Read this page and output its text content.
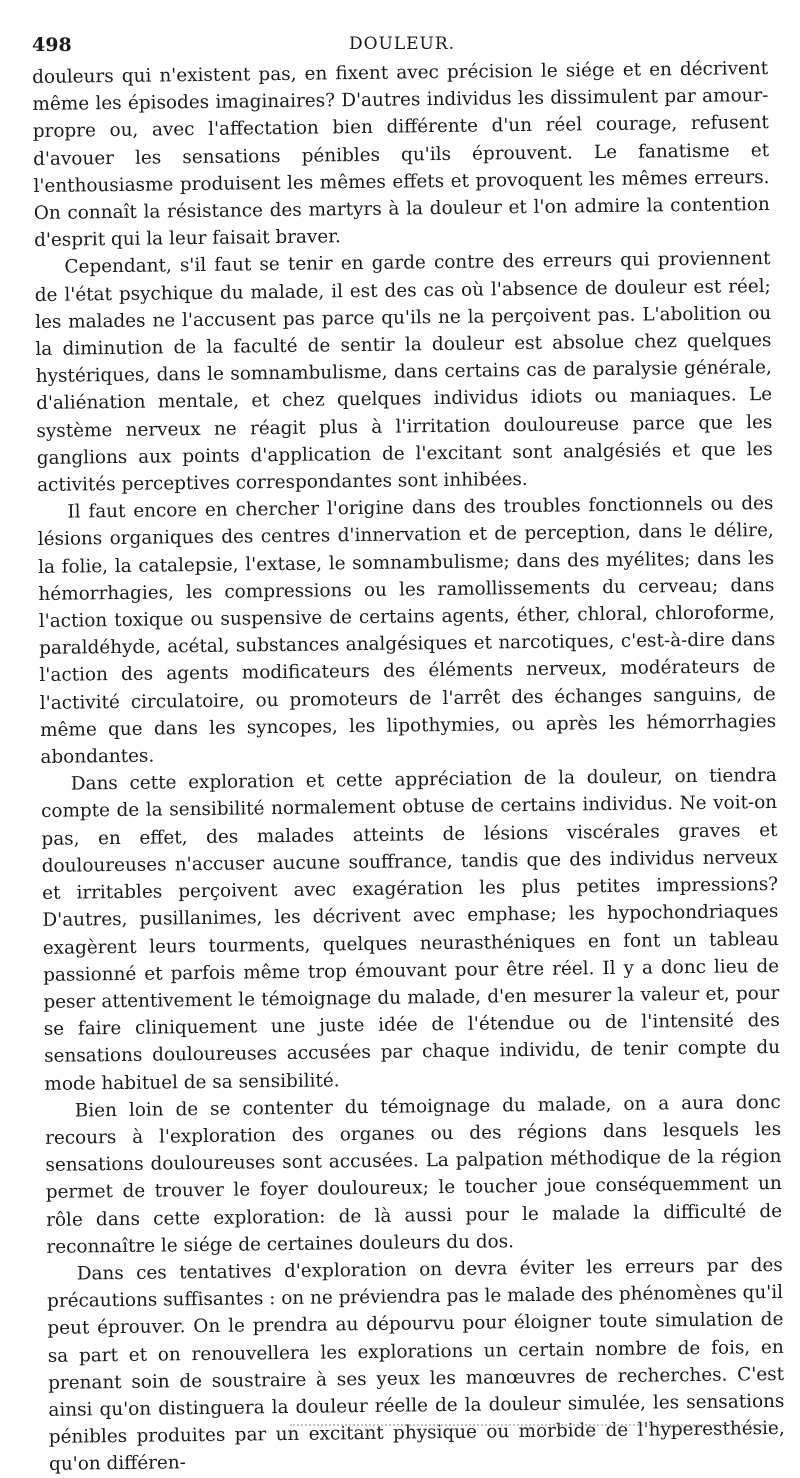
498	DOULEUR.

douleurs qui n'existent pas, en fixent avec précision le siége et en décrivent même les épisodes imaginaires? D'autres individus les dissimulent par amour-propre ou, avec l'affectation bien différente d'un réel courage, refusent d'avouer les sensations pénibles qu'ils éprouvent. Le fanatisme et l'enthousiasme produisent les mêmes effets et provoquent les mêmes erreurs. On connaît la résistance des martyrs à la douleur et l'on admire la contention d'esprit qui la leur faisait braver.

Cependant, s'il faut se tenir en garde contre des erreurs qui proviennent de l'état psychique du malade, il est des cas où l'absence de douleur est réel; les malades ne l'accusent pas parce qu'ils ne la perçoivent pas. L'abolition ou la diminution de la faculté de sentir la douleur est absolue chez quelques hystériques, dans le somnambulisme, dans certains cas de paralysie générale, d'aliénation mentale, et chez quelques individus idiots ou maniaques. Le système nerveux ne réagit plus à l'irritation douloureuse parce que les ganglions aux points d'application de l'excitant sont analgésiés et que les activités perceptives correspondantes sont inhibées.

Il faut encore en chercher l'origine dans des troubles fonctionnels ou des lésions organiques des centres d'innervation et de perception, dans le délire, la folie, la catalepsie, l'extase, le somnambulisme; dans des myélites; dans les hémorrhagies, les compressions ou les ramollissements du cerveau; dans l'action toxique ou suspensive de certains agents, éther, chloral, chloroforme, paraldéhyde, acétal, substances analgésiques et narcotiques, c'est-à-dire dans l'action des agents modificateurs des éléments nerveux, modérateurs de l'activité circulatoire, ou promoteurs de l'arrêt des échanges sanguins, de même que dans les syncopes, les lipothymies, ou après les hémorrhagies abondantes.

Dans cette exploration et cette appréciation de la douleur, on tiendra compte de la sensibilité normalement obtuse de certains individus. Ne voit-on pas, en effet, des malades atteints de lésions viscérales graves et douloureuses n'accuser aucune souffrance, tandis que des individus nerveux et irritables perçoivent avec exagération les plus petites impressions? D'autres, pusillanimes, les décrivent avec emphase; les hypochondriaques exagèrent leurs tourments, quelques neurasthéniques en font un tableau passionné et parfois même trop émouvant pour être réel. Il y a donc lieu de peser attentivement le témoignage du malade, d'en mesurer la valeur et, pour se faire cliniquement une juste idée de l'étendue ou de l'intensité des sensations douloureuses accusées par chaque individu, de tenir compte du mode habituel de sa sensibilité.

Bien loin de se contenter du témoignage du malade, on a aura donc recours à l'exploration des organes ou des régions dans lesquels les sensations douloureuses sont accusées. La palpation méthodique de la région permet de trouver le foyer douloureux; le toucher joue conséquemment un rôle dans cette exploration: de là aussi pour le malade la difficulté de reconnaître le siége de certaines douleurs du dos.

Dans ces tentatives d'exploration on devra éviter les erreurs par des précautions suffisantes : on ne préviendra pas le malade des phénomènes qu'il peut éprouver. On le prendra au dépourvu pour éloigner toute simulation de sa part et on renouvellera les explorations un certain nombre de fois, en prenant soin de soustraire à ses yeux les manœuvres de recherches. C'est ainsi qu'on distinguera la douleur réelle de la douleur simulée, les sensations pénibles produites par un excitant physique ou morbide de l'hyperesthésie, qu'on différen-
